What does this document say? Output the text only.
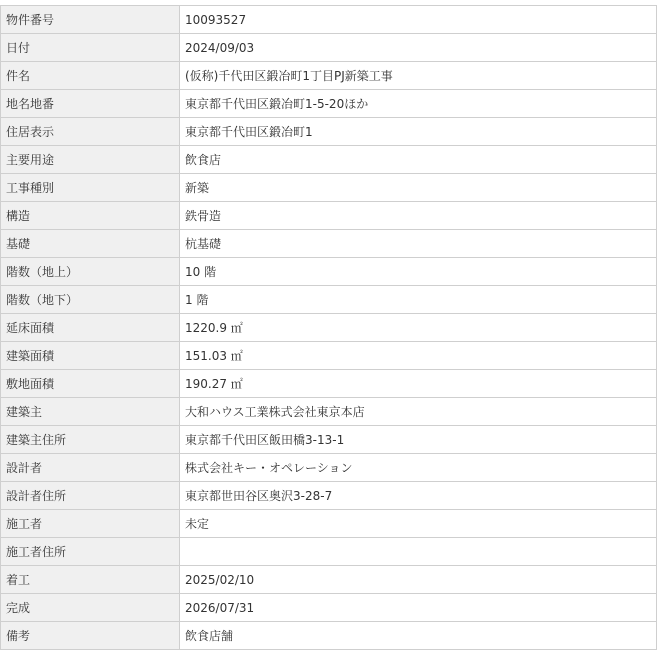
物件番号	10093527
日付	2024/09/03
件名	(仮称)千代田区鍛冶町1丁目PJ新築工事
地名地番	東京都千代田区鍛冶町1-5-20ほか
住居表示	東京都千代田区鍛冶町1
主要用途	飲食店
工事種別	新築
構造	鉄骨造
基礎	杭基礎
階数（地上）	10 階
階数（地下）	1 階
延床面積	1220.9 ㎡
建築面積	151.03 ㎡
敷地面積	190.27 ㎡
建築主	大和ハウス工業株式会社東京本店
建築主住所	東京都千代田区飯田橋3-13-1
設計者	株式会社キー・オペレーション
設計者住所	東京都世田谷区奥沢3-28-7
施工者	未定
施工者住所	
着工	2025/02/10
完成	2026/07/31
備考	飲食店舗
